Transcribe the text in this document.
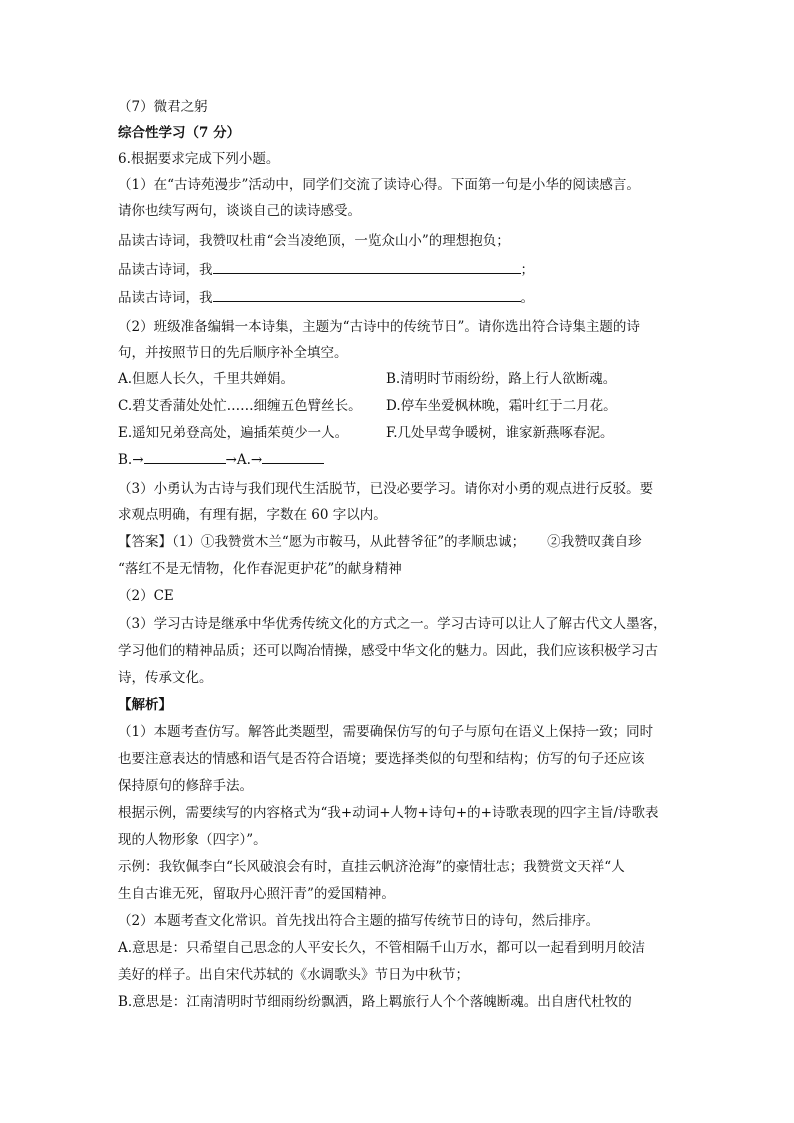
（7）微君之躬
综合性学习（7 分）
6.根据要求完成下列小题。
（1）在“古诗苑漫步”活动中，同学们交流了读诗心得。下面第一句是小华的阅读感言。
请你也续写两句，谈谈自己的读诗感受。
品读古诗词，我赞叹杜甫“会当凌绝顶，一览众山小”的理想抱负；
品读古诗词，我	；
品读古诗词，我	。
（2）班级准备编辑一本诗集，主题为“古诗中的传统节日”。请你选出符合诗集主题的诗
句，并按照节日的先后顺序补全填空。
A.但愿人长久，千里共婵娟。	B.清明时节雨纷纷，路上行人欲断魂。
C.碧艾香蒲处处忙……细缠五色臂丝长。 D.停车坐爱枫林晚，霜叶红于二月花。
E.遥知兄弟登高处，遍插茱萸少一人。	F.几处早莺争暖树，谁家新燕啄春泥。
B.→	→A.→
（3）小勇认为古诗与我们现代生活脱节，已没必要学习。请你对小勇的观点进行反驳。要
求观点明确，有理有据，字数在 60 字以内。
【答案】（1）①我赞赏木兰“愿为市鞍马，从此替爷征”的孝顺忠诚； ②我赞叹龚自珍
“落红不是无情物，化作春泥更护花”的献身精神
（2）CE
（3）学习古诗是继承中华优秀传统文化的方式之一。学习古诗可以让人了解古代文人墨客，
学习他们的精神品质；还可以陶冶情操，感受中华文化的魅力。因此，我们应该积极学习古
诗，传承文化。
【解析】
（1）本题考查仿写。解答此类题型，需要确保仿写的句子与原句在语义上保持一致；同时
也要注意表达的情感和语气是否符合语境；要选择类似的句型和结构；仿写的句子还应该
保持原句的修辞手法。
根据示例，需要续写的内容格式为“我+动词+人物+诗句+的+诗歌表现的四字主旨/诗歌表
现的人物形象（四字）”。
示例：我钦佩李白“长风破浪会有时，直挂云帆济沧海”的豪情壮志；我赞赏文天祥“人
生自古谁无死，留取丹心照汗青”的爱国精神。
（2）本题考查文化常识。首先找出符合主题的描写传统节日的诗句，然后排序。
A.意思是：只希望自己思念的人平安长久，不管相隔千山万水，都可以一起看到明月皎洁
美好的样子。出自宋代苏轼的《水调歌头》节日为中秋节；
B.意思是：江南清明时节细雨纷纷飘洒，路上羁旅行人个个落魄断魂。出自唐代杜牧的
